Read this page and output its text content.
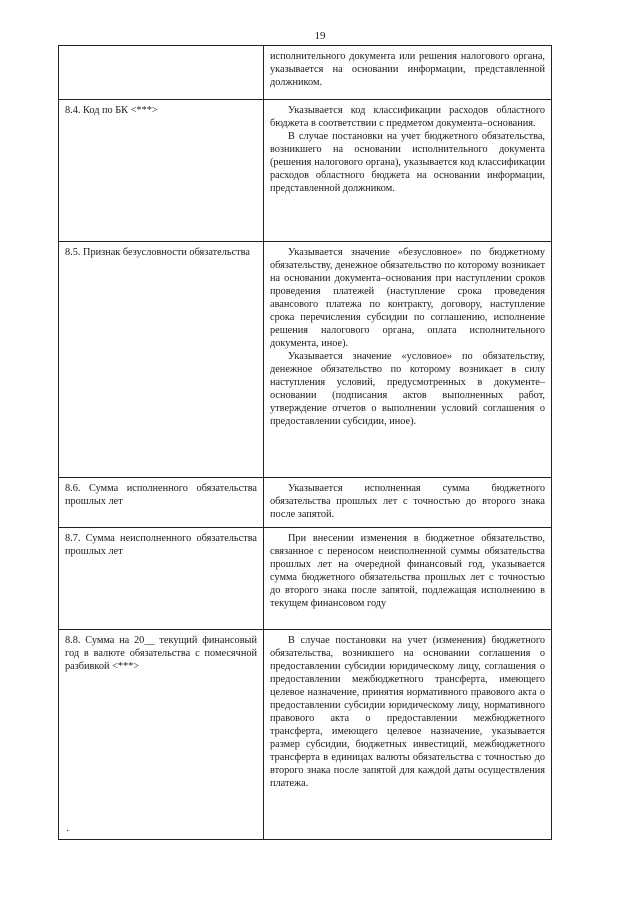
19

	исполнительного документа или решения налогового органа, указывается на основании информации, представленной должником.

8.4. Код по БК <***>	Указывается код классификации расходов областного бюджета в соответствии с предметом документа–основания.

В случае постановки на учет бюджетного обязательства, возникшего на основании исполнительного документа (решения налогового органа), указывается код классификации расходов областного бюджета на основании информации, представленной должником.

8.5. Признак безусловности обязательства	Указывается значение «безусловное» по бюджетному обязательству, денежное обязательство по которому возникает на основании документа–основания при наступлении сроков проведения платежей (наступление срока проведения авансового платежа по контракту, договору, наступление срока перечисления субсидии по соглашению, исполнение решения налогового органа, оплата исполнительного документа, иное).

Указывается значение «условное» по обязательству, денежное обязательство по которому возникает в силу наступления условий, предусмотренных в документе–основании (подписания актов выполненных работ, утверждение отчетов о выполнении условий соглашения о предоставлении субсидии, иное).

8.6. Сумма исполненного обязательства прошлых лет	Указывается исполненная сумма бюджетного обязательства прошлых лет с точностью до второго знака после запятой.

8.7. Сумма неисполненного обязательства прошлых лет	При внесении изменения в бюджетное обязательство, связанное с переносом неисполненной суммы обязательства прошлых лет на очередной финансовый год, указывается сумма бюджетного обязательства прошлых лет с точностью до второго знака после запятой, подлежащая исполнению в текущем финансовом году

8.8. Сумма на 20__ текущий финансовый год в валюте обязательства с помесячной разбивкой <***>	В случае постановки на учет (изменения) бюджетного обязательства, возникшего на основании соглашения о предоставлении субсидии юридическому лицу, соглашения о предоставлении межбюджетного трансферта, имеющего целевое назначение, принятия нормативного правового акта о предоставлении субсидии юридическому лицу, нормативного правового акта о предоставлении межбюджетного трансферта, имеющего целевое назначение, указывается размер субсидии, бюджетных инвестиций, межбюджетного трансферта в единицах валюты обязательства с точностью до второго знака после запятой для каждой даты осуществления платежа.

·
